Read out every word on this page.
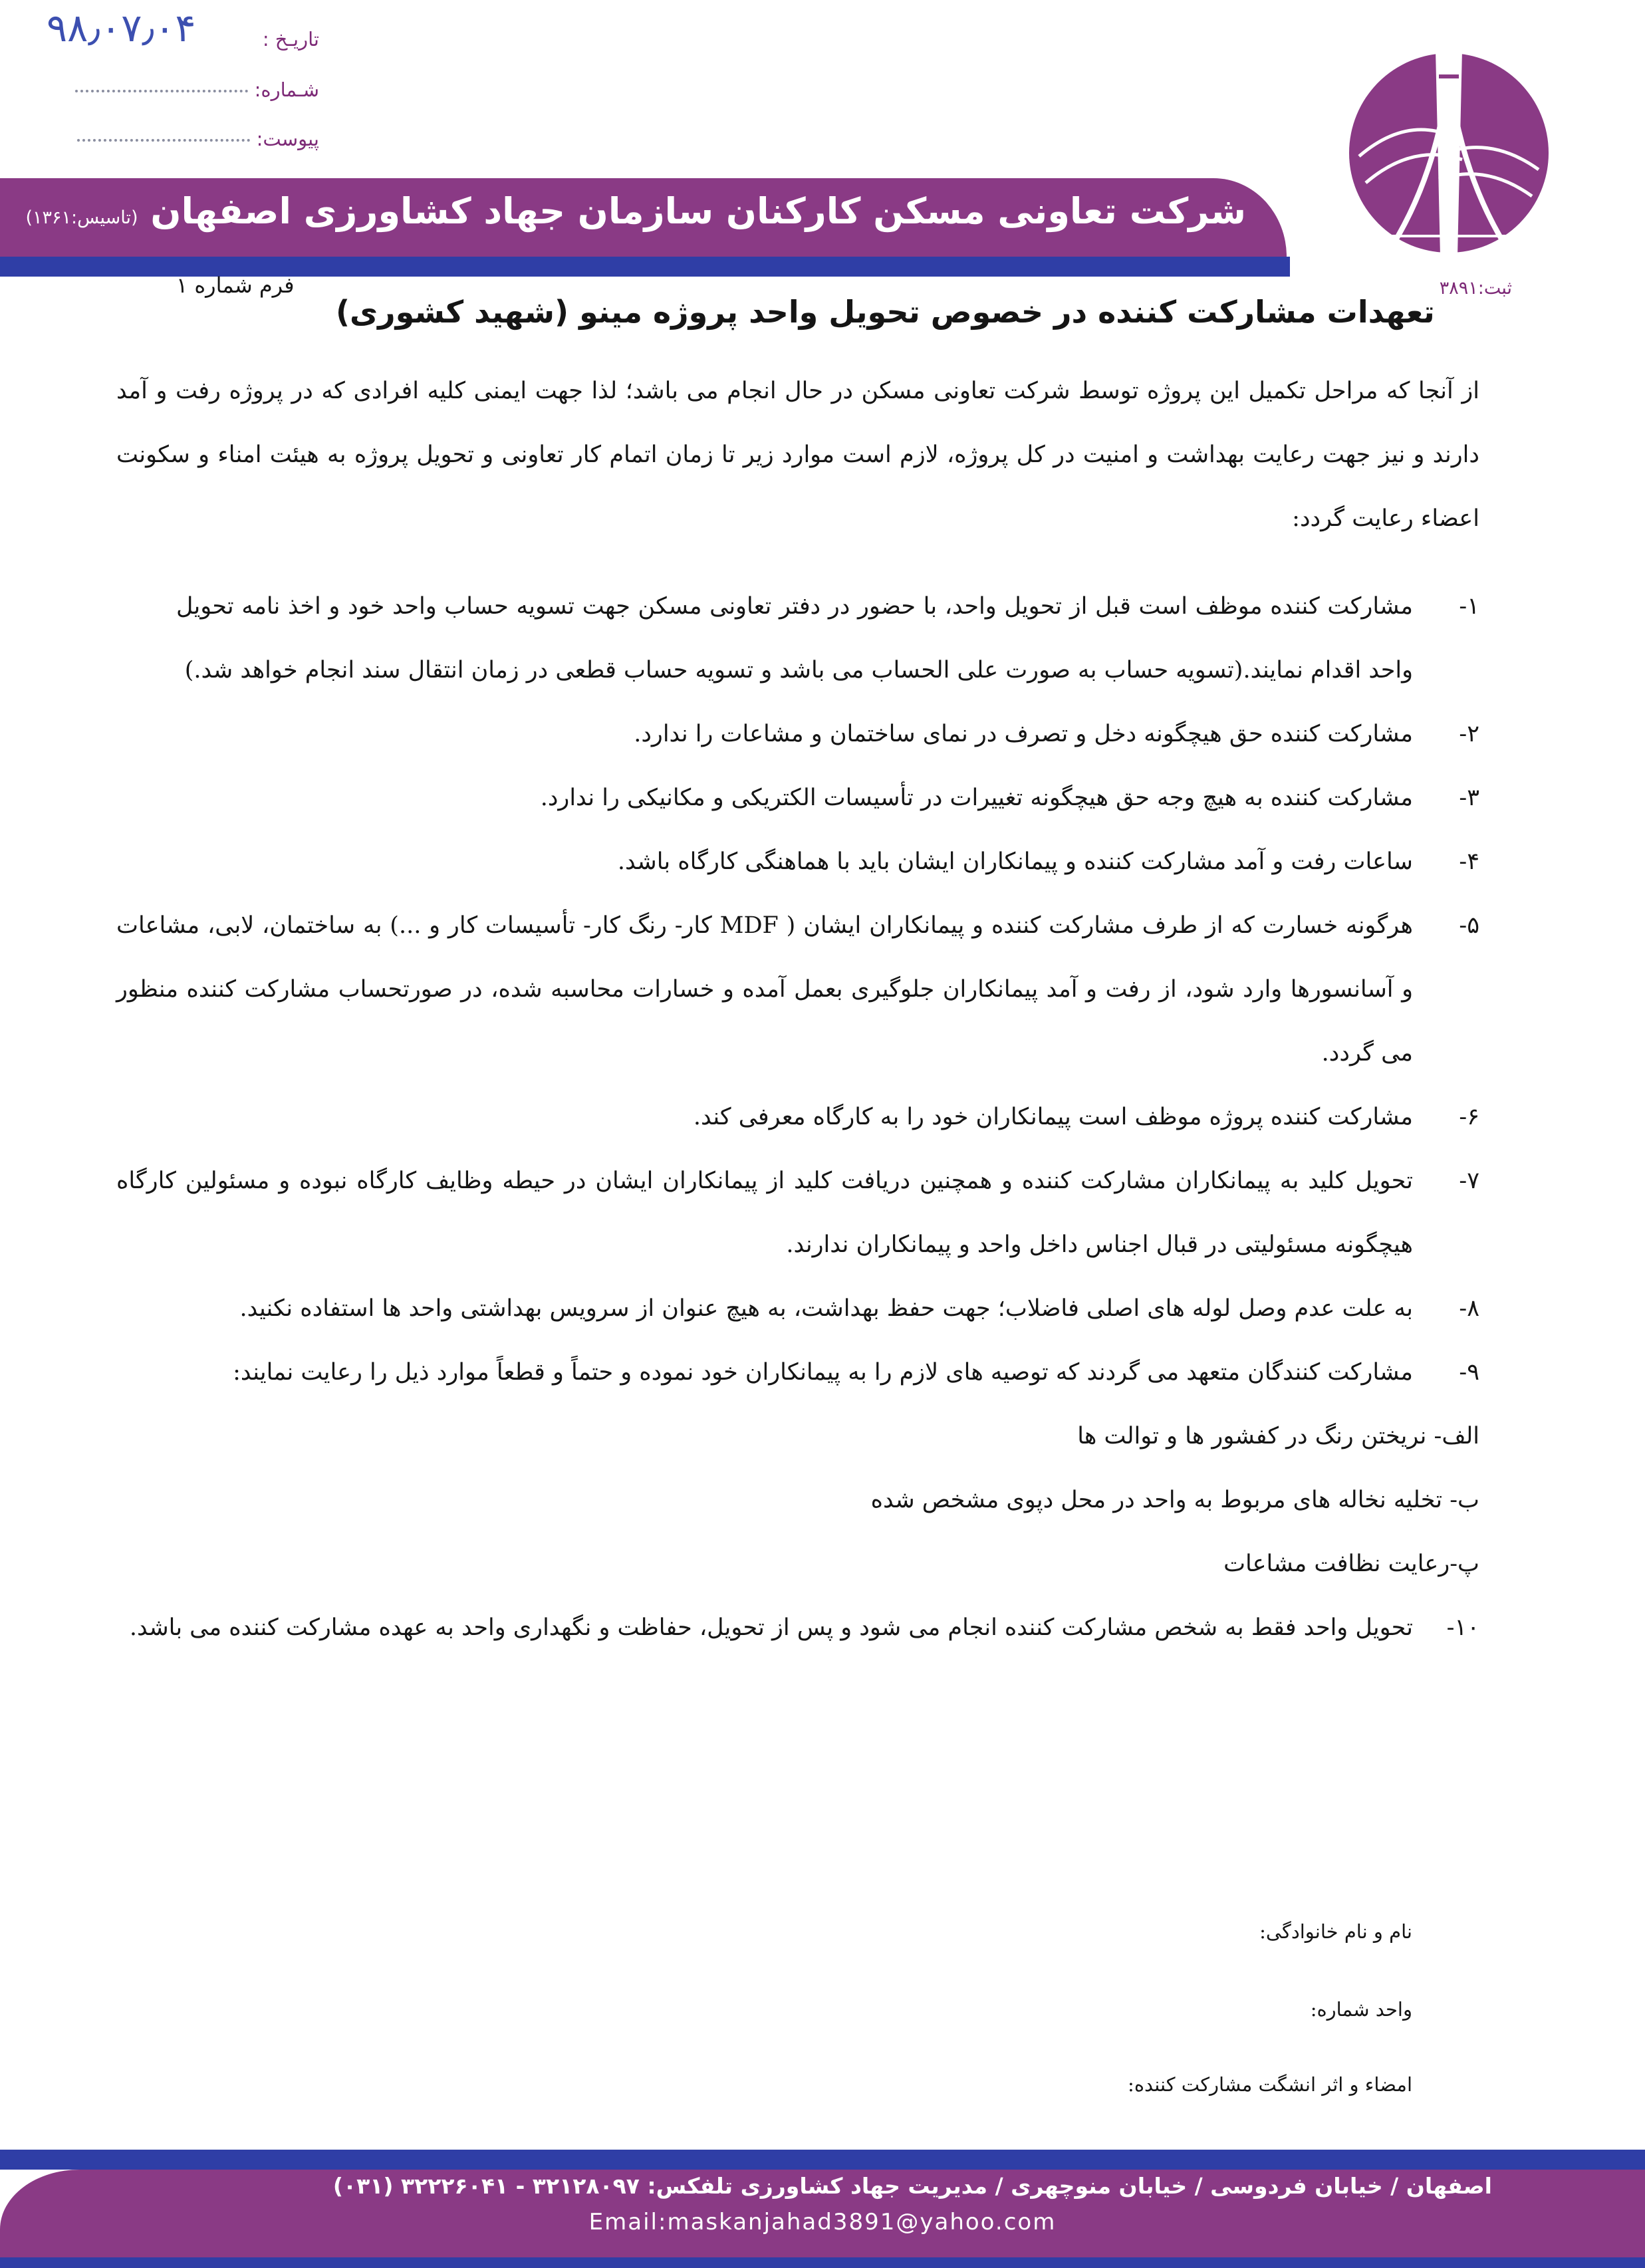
تاریـخ :
شـماره:
پیوست:
۹۸٫۰۷٫۰۴
ثبت:۳۸۹۱
شرکت تعاونی مسکن کارکنان سازمان جهاد کشاورزی اصفهان (تاسیس:۱۳۶۱)
فرم شماره ۱
تعهدات مشارکت کننده در خصوص تحویل واحد پروژه مینو (شهید کشوری)

از آنجا که مراحل تکمیل این پروژه توسط شرکت تعاونی مسکن در حال انجام می باشد؛ لذا جهت ایمنی کلیه افرادی که در پروژه رفت و آمد دارند و نیز جهت رعایت بهداشت و امنیت در کل پروژه، لازم است موارد زیر تا زمان اتمام کار تعاونی و تحویل پروژه به هیئت امناء و سکونت اعضاء رعایت گردد:

۱-
مشارکت کننده موظف است قبل از تحویل واحد، با حضور در دفتر تعاونی مسکن جهت تسویه حساب واحد خود و اخذ نامه تحویل واحد اقدام نمایند.(تسویه حساب به صورت علی الحساب می باشد و تسویه حساب قطعی در زمان انتقال سند انجام خواهد شد.)
۲-
مشارکت کننده حق هیچگونه دخل و تصرف در نمای ساختمان و مشاعات را ندارد.
۳-
مشارکت کننده به هیچ وجه حق هیچگونه تغییرات در تأسیسات الکتریکی و مکانیکی را ندارد.
۴-
ساعات رفت و آمد مشارکت کننده و پیمانکاران ایشان باید با هماهنگی کارگاه باشد.
۵-
هرگونه خسارت که از طرف مشارکت کننده و پیمانکاران ایشان ( MDF کار- رنگ کار- تأسیسات کار و ...) به ساختمان، لابی، مشاعات و آسانسورها وارد شود، از رفت و آمد پیمانکاران جلوگیری بعمل آمده و خسارات محاسبه شده، در صورتحساب مشارکت کننده منظور می گردد.
۶-
مشارکت کننده پروژه موظف است پیمانکاران خود را به کارگاه معرفی کند.
۷-
تحویل کلید به پیمانکاران مشارکت کننده و همچنین دریافت کلید از پیمانکاران ایشان در حیطه وظایف کارگاه نبوده و مسئولین کارگاه هیچگونه مسئولیتی در قبال اجناس داخل واحد و پیمانکاران ندارند.
۸-
به علت عدم وصل لوله های اصلی فاضلاب؛ جهت حفظ بهداشت، به هیچ عنوان از سرویس بهداشتی واحد ها استفاده نکنید.
۹-
مشارکت کنندگان متعهد می گردند که توصیه های لازم را به پیمانکاران خود نموده و حتماً و قطعاً موارد ذیل را رعایت نمایند:

الف- نریختن رنگ در کفشور ها و توالت ها

ب- تخلیه نخاله های مربوط به واحد در محل دپوی مشخص شده

پ-رعایت نظافت مشاعات

۱۰-
تحویل واحد فقط به شخص مشارکت کننده انجام می شود و پس از تحویل، حفاظت و نگهداری واحد به عهده مشارکت کننده می باشد.
نام و نام خانوادگی:
واحد شماره:
امضاء و اثر انشگت مشارکت کننده:
اصفهان / خیابان فردوسی / خیابان منوچهری / مدیریت جهاد کشاورزی تلفکس: ۳۲۱۲۸۰۹۷ - ۳۲۲۲۶۰۴۱ (۰۳۱)
Email:maskanjahad3891@yahoo.com
